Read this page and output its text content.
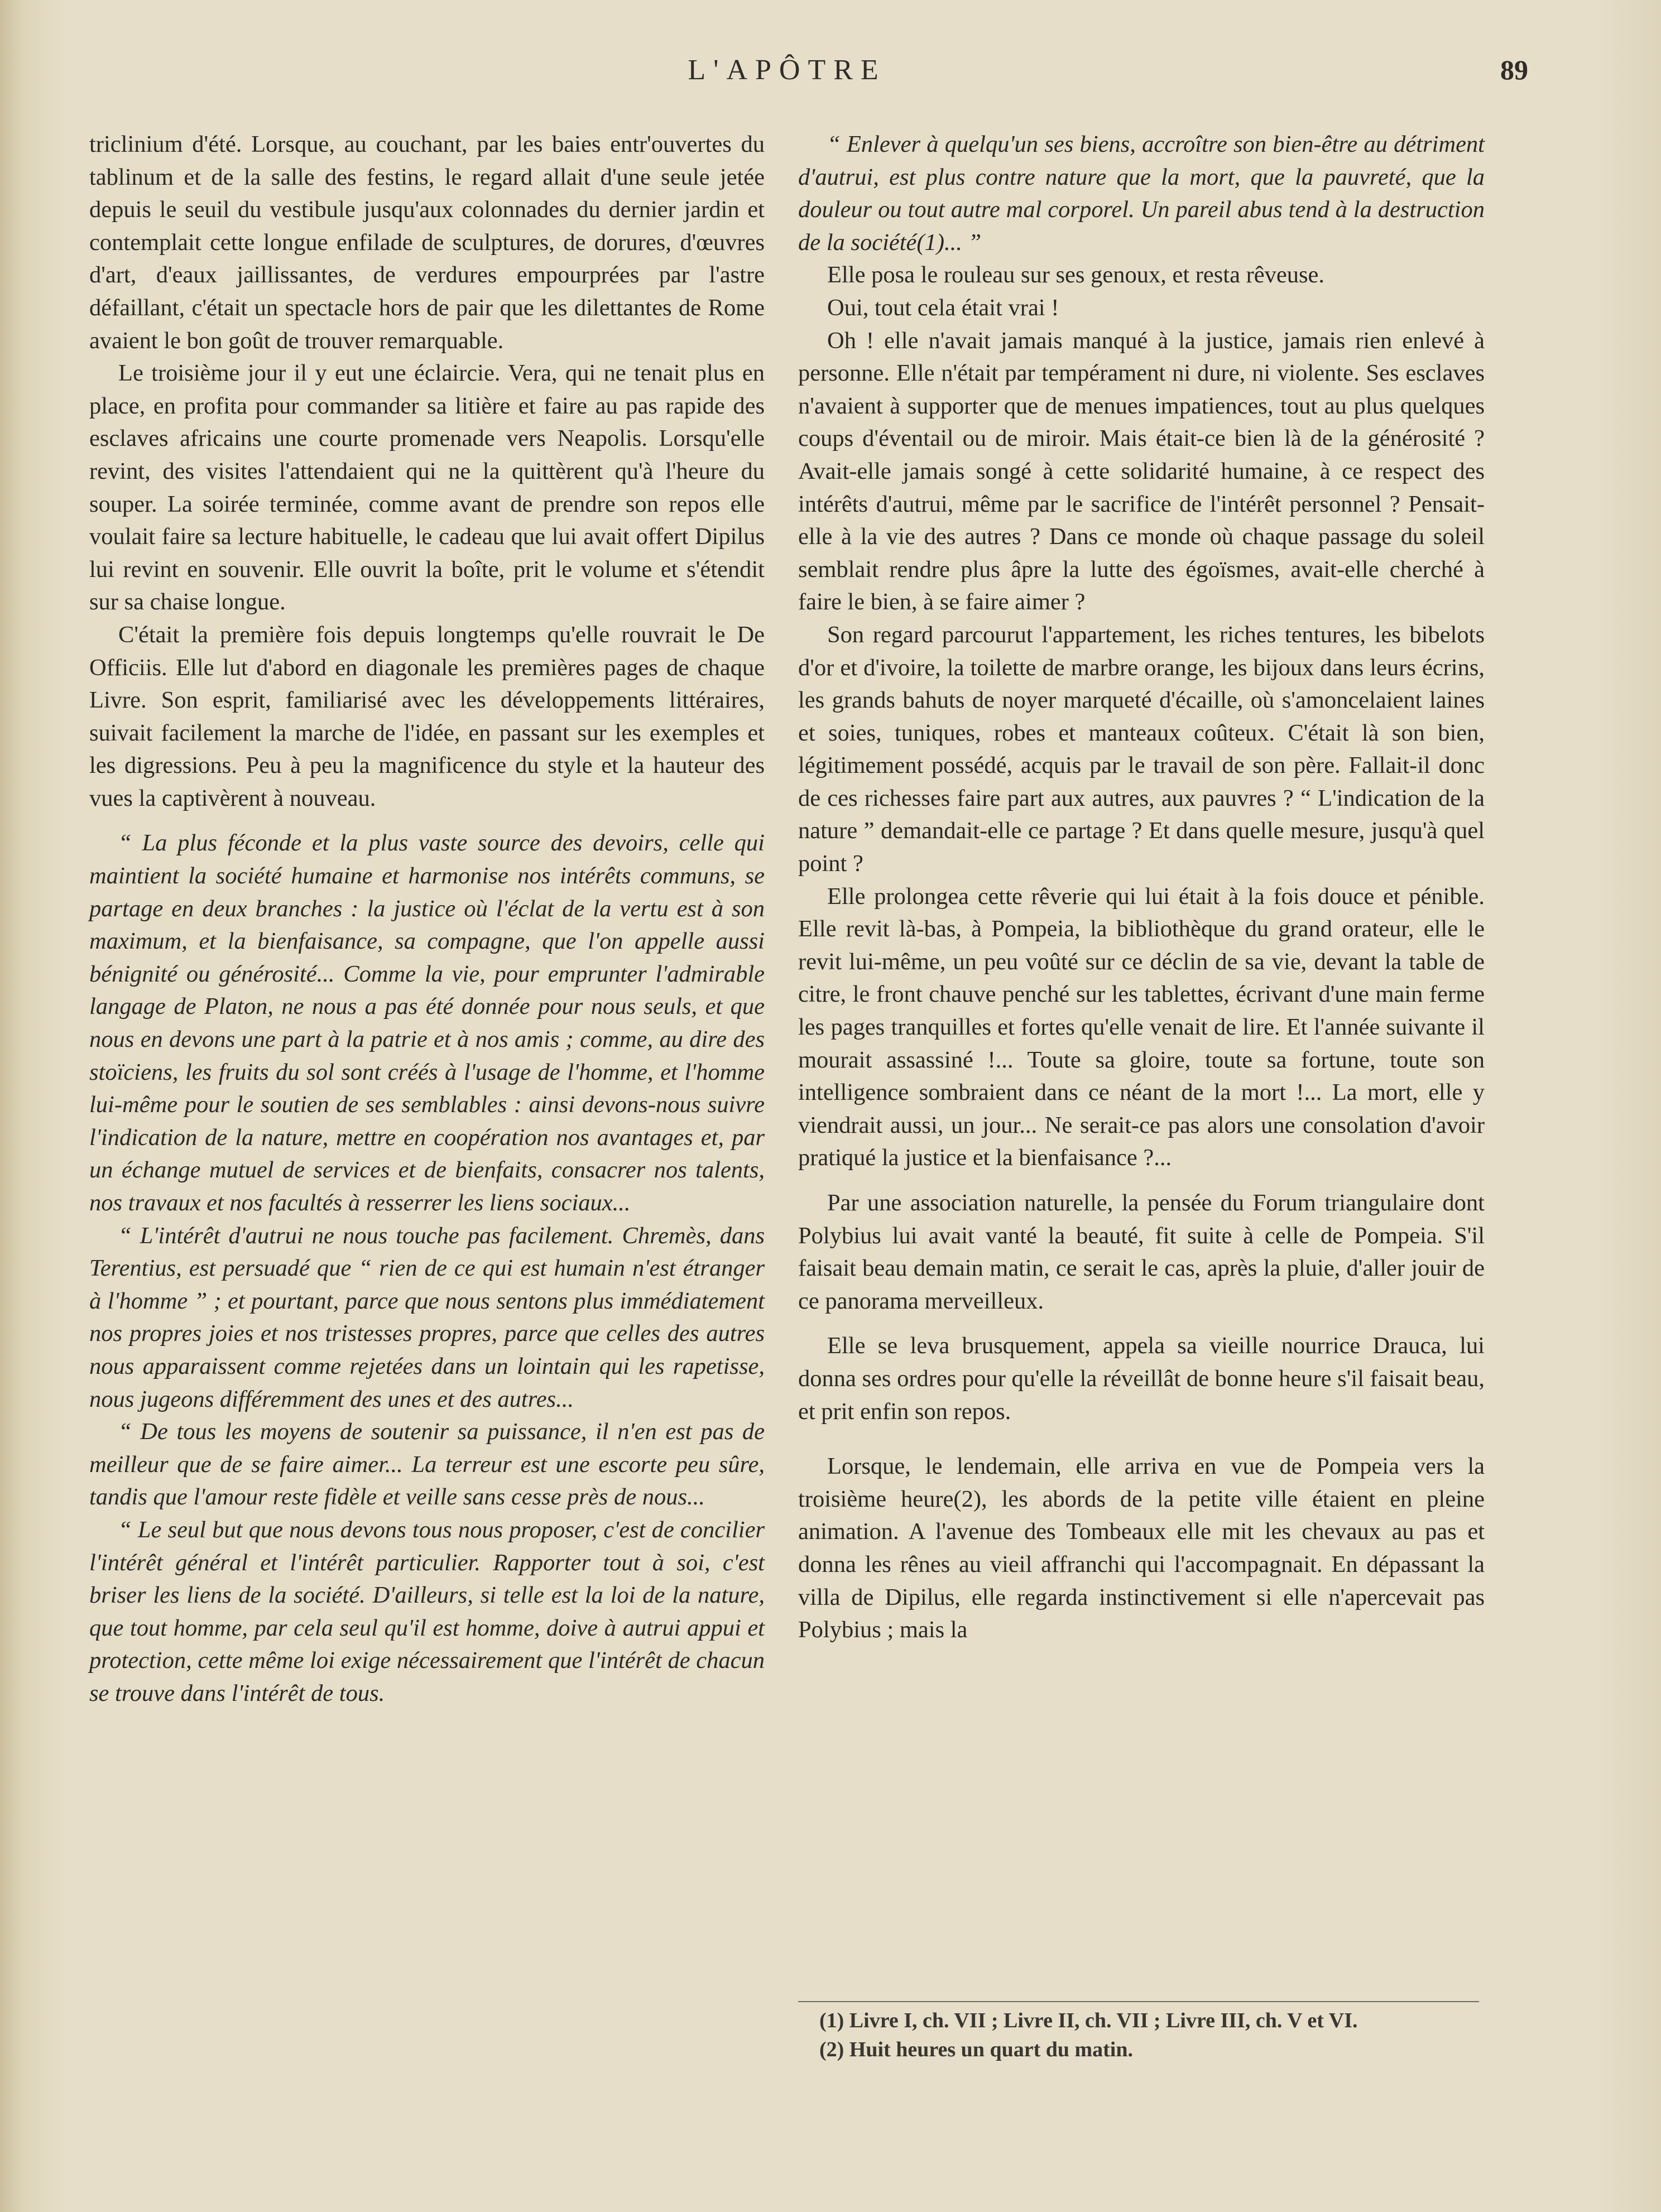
L'APÔTRE	89

triclinium d'été. Lorsque, au couchant, par les baies entr'ouvertes du tablinum et de la salle des festins, le regard allait d'une seule jetée depuis le seuil du vestibule jusqu'aux colonnades du dernier jardin et contemplait cette longue enfilade de sculptures, de dorures, d'œuvres d'art, d'eaux jaillissantes, de verdures empourprées par l'astre défaillant, c'était un spectacle hors de pair que les dilettantes de Rome avaient le bon goût de trouver remarquable.

Le troisième jour il y eut une éclaircie. Vera, qui ne tenait plus en place, en profita pour commander sa litière et faire au pas rapide des esclaves africains une courte promenade vers Neapolis. Lorsqu'elle revint, des visites l'attendaient qui ne la quittèrent qu'à l'heure du souper. La soirée terminée, comme avant de prendre son repos elle voulait faire sa lecture habituelle, le cadeau que lui avait offert Dipilus lui revint en souvenir. Elle ouvrit la boîte, prit le volume et s'étendit sur sa chaise longue.

C'était la première fois depuis longtemps qu'elle rouvrait le De Officiis. Elle lut d'abord en diagonale les premières pages de chaque Livre. Son esprit, familiarisé avec les développements littéraires, suivait facilement la marche de l'idée, en passant sur les exemples et les digressions. Peu à peu la magnificence du style et la hauteur des vues la captivèrent à nouveau.

“ La plus féconde et la plus vaste source des devoirs, celle qui maintient la société humaine et harmonise nos intérêts communs, se partage en deux branches : la justice où l'éclat de la vertu est à son maximum, et la bienfaisance, sa compagne, que l'on appelle aussi bénignité ou générosité... Comme la vie, pour emprunter l'admirable langage de Platon, ne nous a pas été donnée pour nous seuls, et que nous en devons une part à la patrie et à nos amis ; comme, au dire des stoïciens, les fruits du sol sont créés à l'usage de l'homme, et l'homme lui-même pour le soutien de ses semblables : ainsi devons-nous suivre l'indication de la nature, mettre en coopération nos avantages et, par un échange mutuel de services et de bienfaits, consacrer nos talents, nos travaux et nos facultés à resserrer les liens sociaux...

“ L'intérêt d'autrui ne nous touche pas facilement. Chremès, dans Terentius, est persuadé que “ rien de ce qui est humain n'est étranger à l'homme ” ; et pourtant, parce que nous sentons plus immédiatement nos propres joies et nos tristesses propres, parce que celles des autres nous apparaissent comme rejetées dans un lointain qui les rapetisse, nous jugeons différemment des unes et des autres...

“ De tous les moyens de soutenir sa puissance, il n'en est pas de meilleur que de se faire aimer... La terreur est une escorte peu sûre, tandis que l'amour reste fidèle et veille sans cesse près de nous...

“ Le seul but que nous devons tous nous proposer, c'est de concilier l'intérêt général et l'intérêt particulier. Rapporter tout à soi, c'est briser les liens de la société. D'ailleurs, si telle est la loi de la nature, que tout homme, par cela seul qu'il est homme, doive à autrui appui et protection, cette même loi exige nécessairement que l'intérêt de chacun se trouve dans l'intérêt de tous.

“ Enlever à quelqu'un ses biens, accroître son bien-être au détriment d'autrui, est plus contre nature que la mort, que la pauvreté, que la douleur ou tout autre mal corporel. Un pareil abus tend à la destruction de la société(1)... ”

Elle posa le rouleau sur ses genoux, et resta rêveuse.

Oui, tout cela était vrai !

Oh ! elle n'avait jamais manqué à la justice, jamais rien enlevé à personne. Elle n'était par tempérament ni dure, ni violente. Ses esclaves n'avaient à supporter que de menues impatiences, tout au plus quelques coups d'éventail ou de miroir. Mais était-ce bien là de la générosité ? Avait-elle jamais songé à cette solidarité humaine, à ce respect des intérêts d'autrui, même par le sacrifice de l'intérêt personnel ? Pensait-elle à la vie des autres ? Dans ce monde où chaque passage du soleil semblait rendre plus âpre la lutte des égoïsmes, avait-elle cherché à faire le bien, à se faire aimer ?

Son regard parcourut l'appartement, les riches tentures, les bibelots d'or et d'ivoire, la toilette de marbre orange, les bijoux dans leurs écrins, les grands bahuts de noyer marqueté d'écaille, où s'amoncelaient laines et soies, tuniques, robes et manteaux coûteux. C'était là son bien, légitimement possédé, acquis par le travail de son père. Fallait-il donc de ces richesses faire part aux autres, aux pauvres ? “ L'indication de la nature ” demandait-elle ce partage ? Et dans quelle mesure, jusqu'à quel point ?

Elle prolongea cette rêverie qui lui était à la fois douce et pénible. Elle revit là-bas, à Pompeia, la bibliothèque du grand orateur, elle le revit lui-même, un peu voûté sur ce déclin de sa vie, devant la table de citre, le front chauve penché sur les tablettes, écrivant d'une main ferme les pages tranquilles et fortes qu'elle venait de lire. Et l'année suivante il mourait assassiné !... Toute sa gloire, toute sa fortune, toute son intelligence sombraient dans ce néant de la mort !... La mort, elle y viendrait aussi, un jour... Ne serait-ce pas alors une consolation d'avoir pratiqué la justice et la bienfaisance ?...

Par une association naturelle, la pensée du Forum triangulaire dont Polybius lui avait vanté la beauté, fit suite à celle de Pompeia. S'il faisait beau demain matin, ce serait le cas, après la pluie, d'aller jouir de ce panorama merveilleux.

Elle se leva brusquement, appela sa vieille nourrice Drauca, lui donna ses ordres pour qu'elle la réveillât de bonne heure s'il faisait beau, et prit enfin son repos.

Lorsque, le lendemain, elle arriva en vue de Pompeia vers la troisième heure(2), les abords de la petite ville étaient en pleine animation. A l'avenue des Tombeaux elle mit les chevaux au pas et donna les rênes au vieil affranchi qui l'accompagnait. En dépassant la villa de Dipilus, elle regarda instinctivement si elle n'apercevait pas Polybius ; mais la

(1) Livre I, ch. VII ; Livre II, ch. VII ; Livre III, ch. V et VI.

(2) Huit heures un quart du matin.
